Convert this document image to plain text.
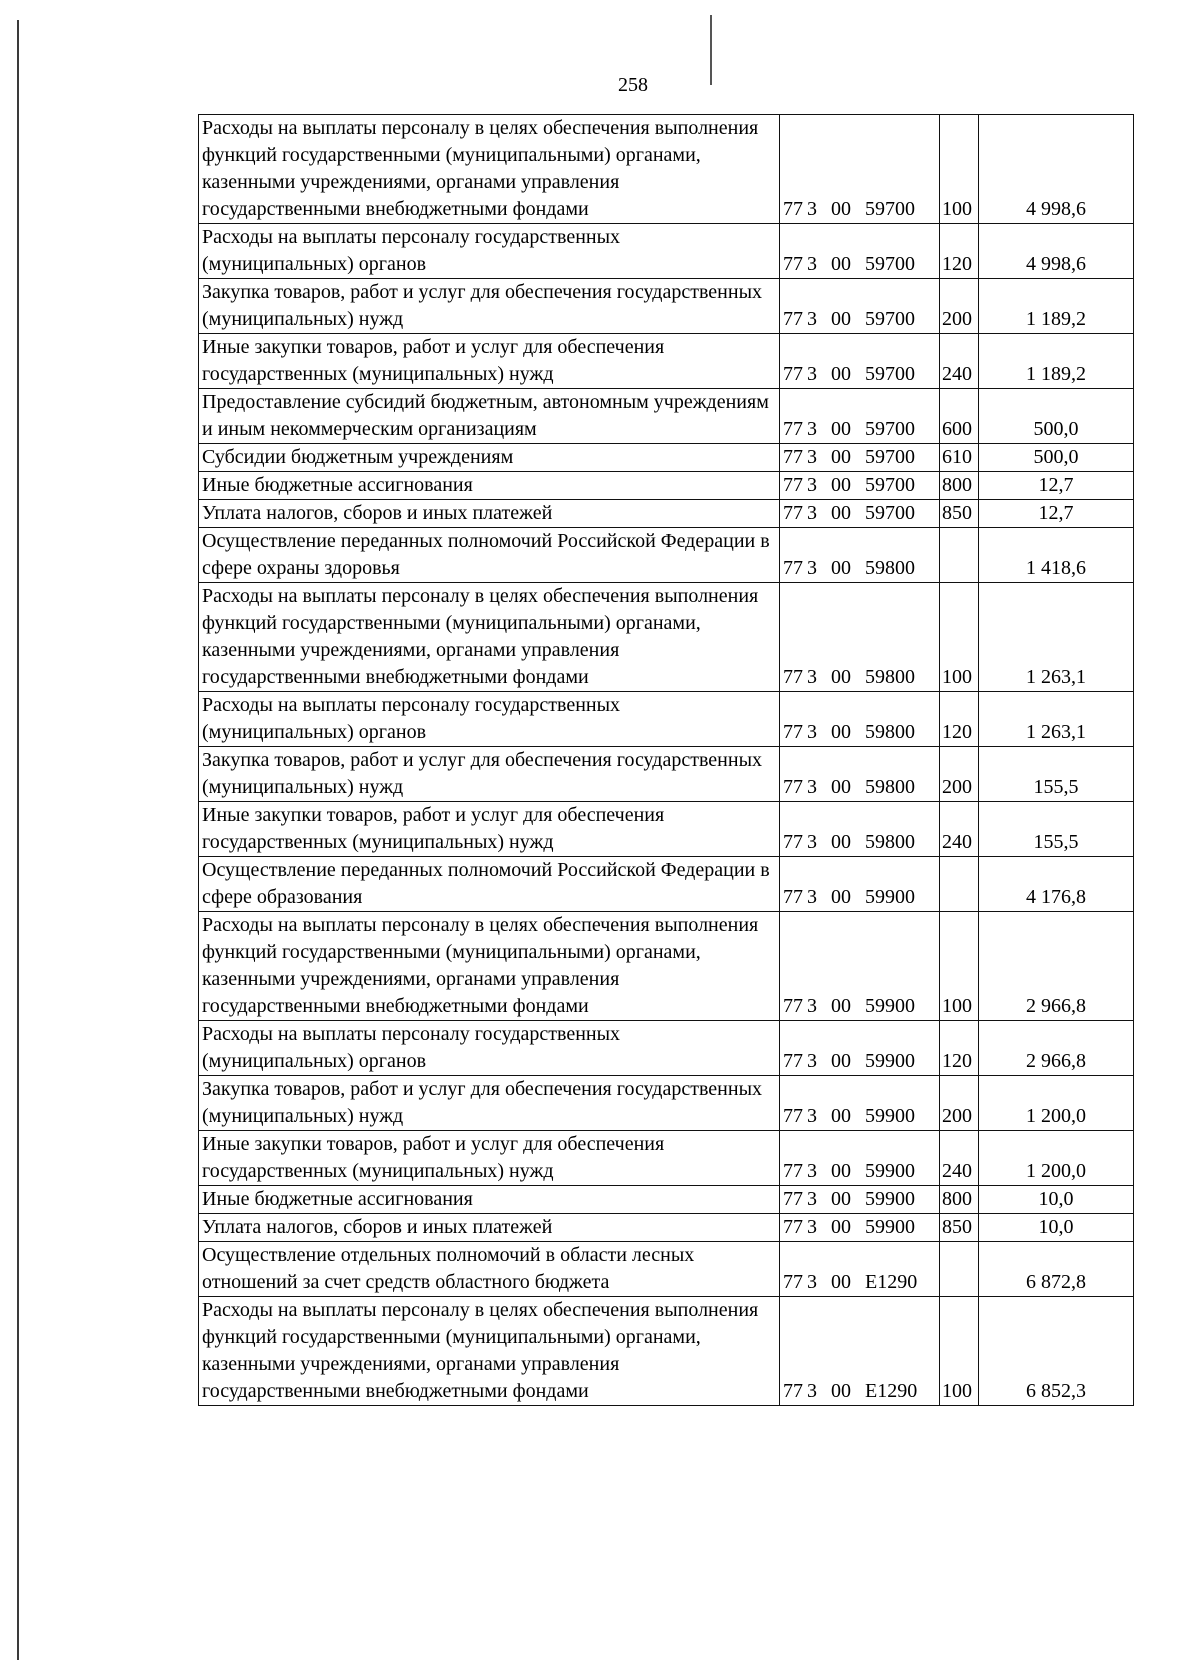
258
Расходы на выплаты персоналу в целях обеспечения выполнения функций государственными (муниципальными) органами, казенными учреждениями, органами управления государственными внебюджетными фондами	77 3 00 59700	100	4 998,6
Расходы на выплаты персоналу государственных (муниципальных) органов	77 3 00 59700	120	4 998,6
Закупка товаров, работ и услуг для обеспечения государственных (муниципальных) нужд	77 3 00 59700	200	1 189,2
Иные закупки товаров, работ и услуг для обеспечения государственных (муниципальных) нужд	77 3 00 59700	240	1 189,2
Предоставление субсидий бюджетным, автономным учреждениям и иным некоммерческим организациям	77 3 00 59700	600	500,0
Субсидии бюджетным учреждениям	77 3 00 59700	610	500,0
Иные бюджетные ассигнования	77 3 00 59700	800	12,7
Уплата налогов, сборов и иных платежей	77 3 00 59700	850	12,7
Осуществление переданных полномочий Российской Федерации в сфере охраны здоровья	77 3 00 59800		1 418,6
Расходы на выплаты персоналу в целях обеспечения выполнения функций государственными (муниципальными) органами, казенными учреждениями, органами управления государственными внебюджетными фондами	77 3 00 59800	100	1 263,1
Расходы на выплаты персоналу государственных (муниципальных) органов	77 3 00 59800	120	1 263,1
Закупка товаров, работ и услуг для обеспечения государственных (муниципальных) нужд	77 3 00 59800	200	155,5
Иные закупки товаров, работ и услуг для обеспечения государственных (муниципальных) нужд	77 3 00 59800	240	155,5
Осуществление переданных полномочий Российской Федерации в сфере образования	77 3 00 59900		4 176,8
Расходы на выплаты персоналу в целях обеспечения выполнения функций государственными (муниципальными) органами, казенными учреждениями, органами управления государственными внебюджетными фондами	77 3 00 59900	100	2 966,8
Расходы на выплаты персоналу государственных (муниципальных) органов	77 3 00 59900	120	2 966,8
Закупка товаров, работ и услуг для обеспечения государственных (муниципальных) нужд	77 3 00 59900	200	1 200,0
Иные закупки товаров, работ и услуг для обеспечения государственных (муниципальных) нужд	77 3 00 59900	240	1 200,0
Иные бюджетные ассигнования	77 3 00 59900	800	10,0
Уплата налогов, сборов и иных платежей	77 3 00 59900	850	10,0
Осуществление отдельных полномочий в области лесных отношений за счет средств областного бюджета	77 3 00 E1290		6 872,8
Расходы на выплаты персоналу в целях обеспечения выполнения функций государственными (муниципальными) органами, казенными учреждениями, органами управления государственными внебюджетными фондами	77 3 00 E1290	100	6 852,3
